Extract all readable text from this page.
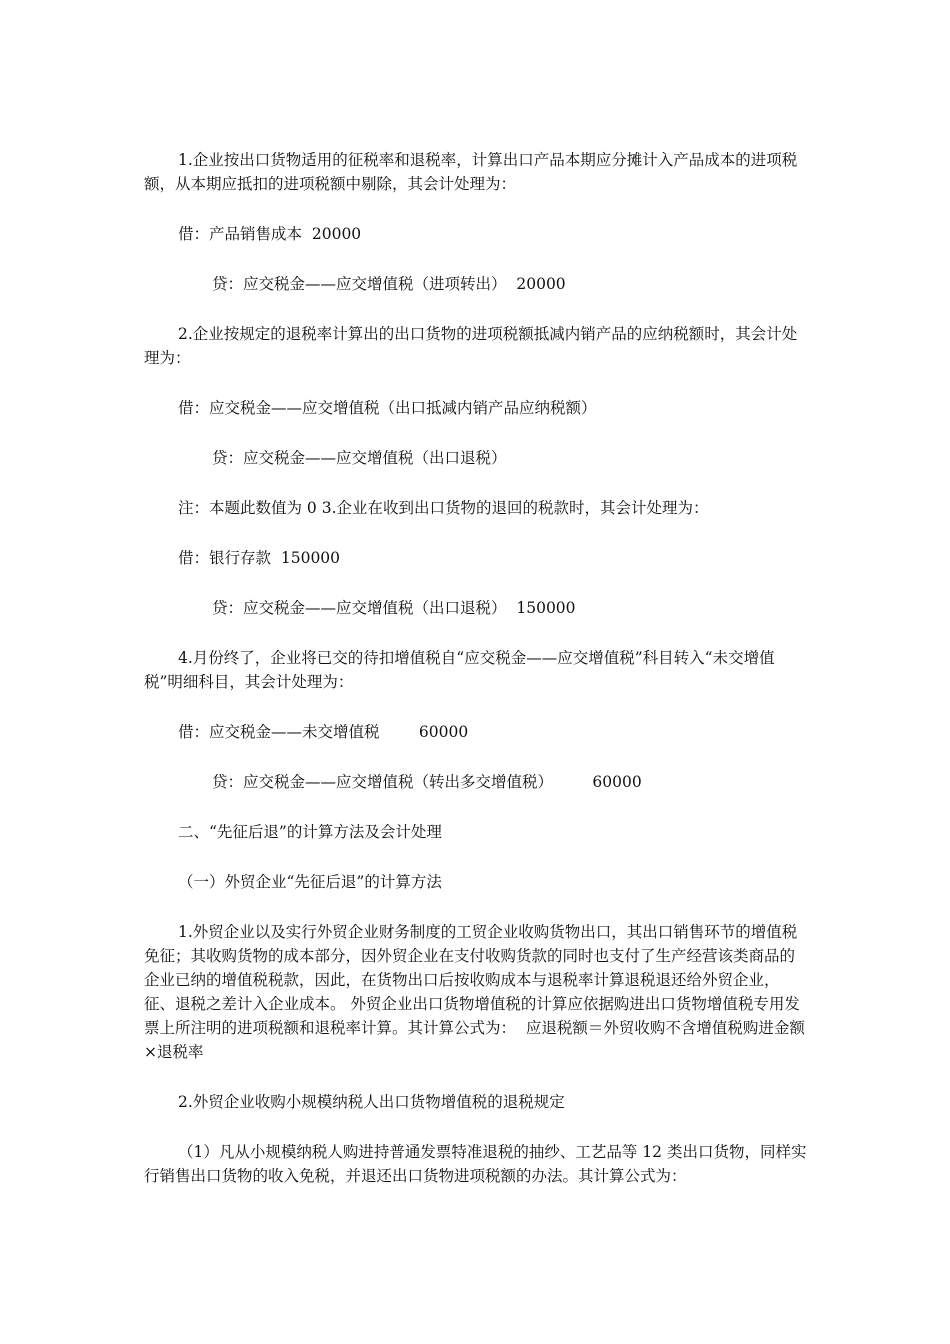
1.企业按出口货物适用的征税率和退税率，计算出口产品本期应分摊计入产品成本的进项税额，从本期应抵扣的进项税额中剔除，其会计处理为：

借：产品销售成本  20000

贷：应交税金——应交增值税（进项转出）  20000

2.企业按规定的退税率计算出的出口货物的进项税额抵减内销产品的应纳税额时，其会计处理为：

借：应交税金——应交增值税（出口抵减内销产品应纳税额）

贷：应交税金——应交增值税（出口退税）

注：本题此数值为 0 3.企业在收到出口货物的退回的税款时，其会计处理为：

借：银行存款  150000

贷：应交税金——应交增值税（出口退税）  150000

4.月份终了，企业将已交的待扣增值税自“应交税金——应交增值税”科目转入“未交增值税”明细科目，其会计处理为：

借：应交税金——未交增值税        60000

贷：应交税金——应交增值税（转出多交增值税）        60000

二、“先征后退”的计算方法及会计处理

（一）外贸企业“先征后退”的计算方法

1.外贸企业以及实行外贸企业财务制度的工贸企业收购货物出口，其出口销售环节的增值税免征；其收购货物的成本部分，因外贸企业在支付收购货款的同时也支付了生产经营该类商品的企业已纳的增值税税款，因此，在货物出口后按收购成本与退税率计算退税退还给外贸企业，征、退税之差计入企业成本。 外贸企业出口货物增值税的计算应依据购进出口货物增值税专用发票上所注明的进项税额和退税率计算。其计算公式为：  应退税额＝外贸收购不含增值税购进金额×退税率

2.外贸企业收购小规模纳税人出口货物增值税的退税规定

（1）凡从小规模纳税人购进持普通发票特准退税的抽纱、工艺品等 12 类出口货物，同样实行销售出口货物的收入免税，并退还出口货物进项税额的办法。其计算公式为：
